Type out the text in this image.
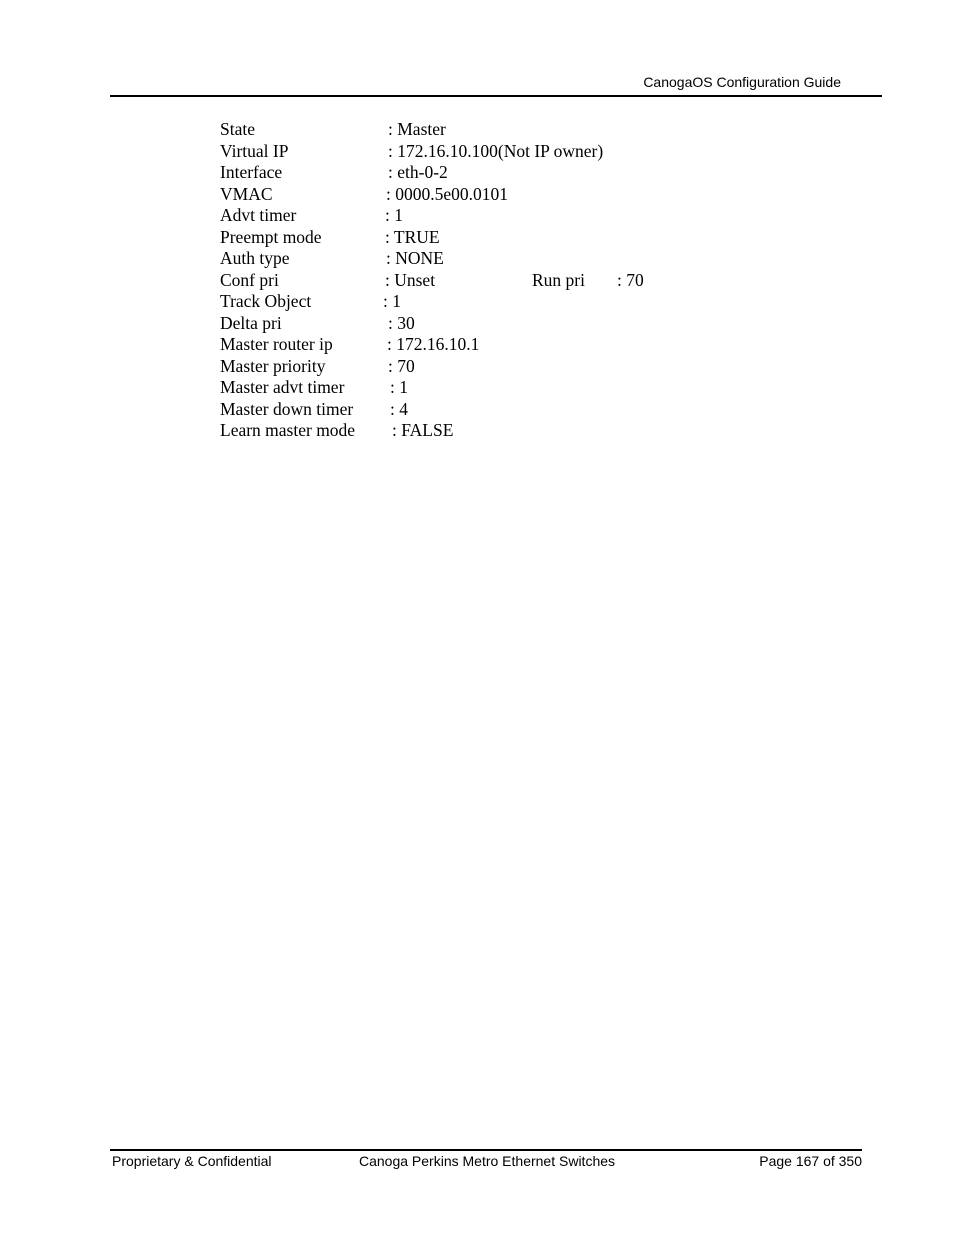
CanogaOS Configuration Guide
State	: Master
Virtual IP	: 172.16.10.100(Not IP owner)
Interface	: eth-0-2
VMAC	: 0000.5e00.0101
Advt timer	: 1
Preempt mode	: TRUE
Auth type	: NONE
Conf pri	: Unset	Run pri : 70
Track Object	: 1
Delta pri	: 30
Master router ip	: 172.16.10.1
Master priority	: 70
Master advt timer	: 1
Master down timer : 4
Learn master mode : FALSE
Proprietary & Confidential	Canoga Perkins Metro Ethernet Switches	Page 167 of 350
